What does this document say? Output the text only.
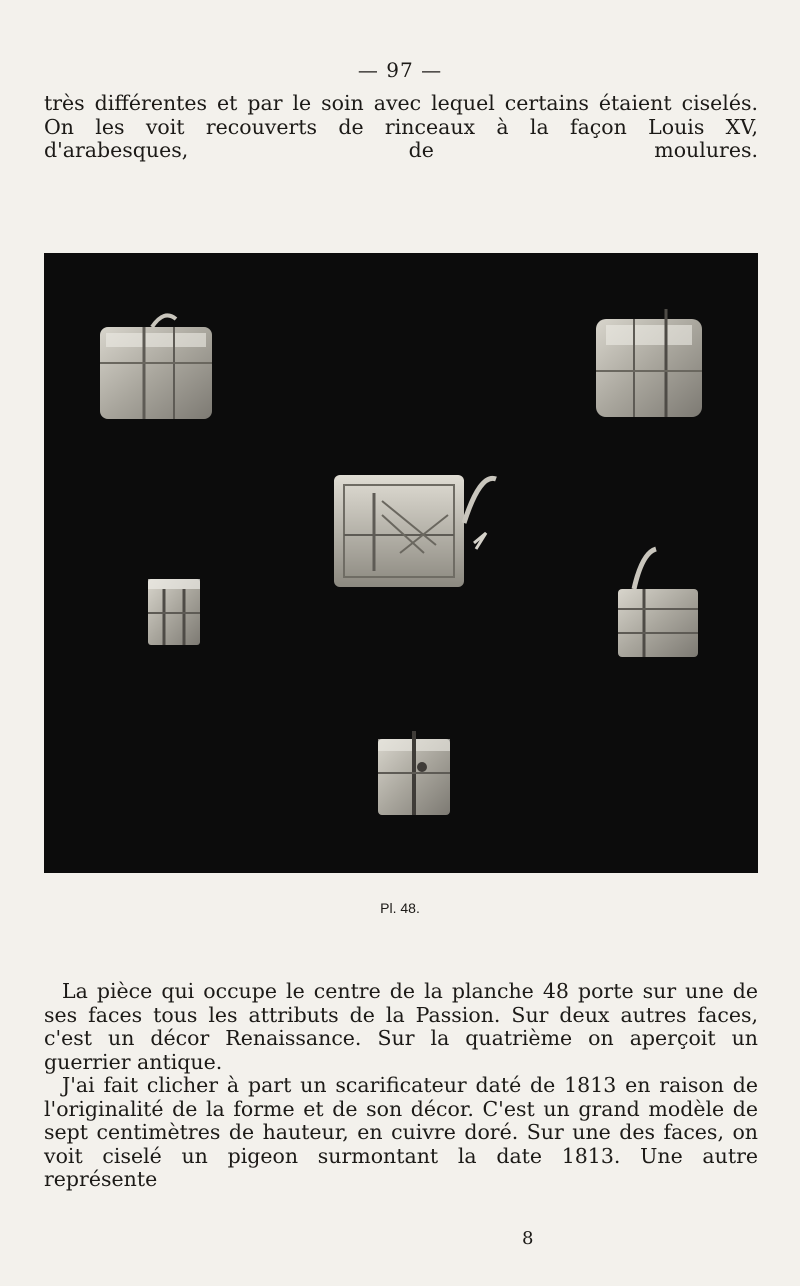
— 97 —

très différentes et par le soin avec lequel certains étaient ciselés. On les voit recouverts de rinceaux à la façon Louis XV, d'arabesques, de moulures.

Pl. 48.

La pièce qui occupe le centre de la planche 48 porte sur une de ses faces tous les attributs de la Passion. Sur deux autres faces, c'est un décor Renaissance. Sur la quatrième on aperçoit un guerrier antique.

J'ai fait clicher à part un scarificateur daté de 1813 en raison de l'originalité de la forme et de son décor. C'est un grand modèle de sept centimètres de hauteur, en cuivre doré. Sur une des faces, on voit ciselé un pigeon surmontant la date 1813. Une autre représente

8
